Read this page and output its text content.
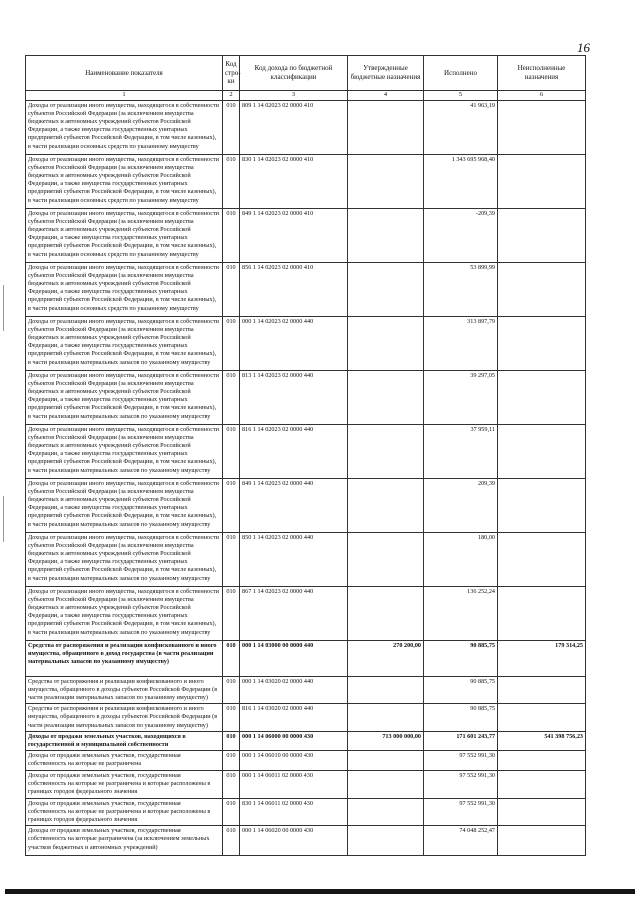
16
Наименование показателя	Код стро-ки	Код дохода по бюджетной классификации	Утвержденные бюджетные назначения	Исполнено	Неисполненные назначения
1	2	3	4	5	6
Доходы от реализации иного имущества, находящегося в собственности субъектов Российской Федерации (за исключением имущества бюджетных и автономных учреждений субъектов Российской Федерации, а также имущества государственных унитарных предприятий субъектов Российской Федерации, в том числе казенных), в части реализации основных средств по указанному имуществу	010	809 1 14 02023 02 0000 410		41 963,19	
Доходы от реализации иного имущества, находящегося в собственности субъектов Российской Федерации (за исключением имущества бюджетных и автономных учреждений субъектов Российской Федерации, а также имущества государственных унитарных предприятий субъектов Российской Федерации, в том числе казенных), в части реализации основных средств по указанному имуществу	010	830 1 14 02023 02 0000 410		1 343 695 968,40	
Доходы от реализации иного имущества, находящегося в собственности субъектов Российской Федерации (за исключением имущества бюджетных и автономных учреждений субъектов Российской Федерации, а также имущества государственных унитарных предприятий субъектов Российской Федерации, в том числе казенных), в части реализации основных средств по указанному имуществу	010	849 1 14 02023 02 0000 410		-209,39	
Доходы от реализации иного имущества, находящегося в собственности субъектов Российской Федерации (за исключением имущества бюджетных и автономных учреждений субъектов Российской Федерации, а также имущества государственных унитарных предприятий субъектов Российской Федерации, в том числе казенных), в части реализации основных средств по указанному имуществу	010	856 1 14 02023 02 0000 410		53 899,99	
Доходы от реализации иного имущества, находящегося в собственности субъектов Российской Федерации (за исключением имущества бюджетных и автономных учреждений субъектов Российской Федерации, а также имущества государственных унитарных предприятий субъектов Российской Федерации, в том числе казенных), в части реализации материальных запасов по указанному имуществу	010	000 1 14 02023 02 0000 440		313 897,79	
Доходы от реализации иного имущества, находящегося в собственности субъектов Российской Федерации (за исключением имущества бюджетных и автономных учреждений субъектов Российской Федерации, а также имущества государственных унитарных предприятий субъектов Российской Федерации, в том числе казенных), в части реализации материальных запасов по указанному имуществу	010	813 1 14 02023 02 0000 440		39 297,05	
Доходы от реализации иного имущества, находящегося в собственности субъектов Российской Федерации (за исключением имущества бюджетных и автономных учреждений субъектов Российской Федерации, а также имущества государственных унитарных предприятий субъектов Российской Федерации, в том числе казенных), в части реализации материальных запасов по указанному имуществу	010	816 1 14 02023 02 0000 440		37 959,11	
Доходы от реализации иного имущества, находящегося в собственности субъектов Российской Федерации (за исключением имущества бюджетных и автономных учреждений субъектов Российской Федерации, а также имущества государственных унитарных предприятий субъектов Российской Федерации, в том числе казенных), в части реализации материальных запасов по указанному имуществу	010	849 1 14 02023 02 0000 440		209,39	
Доходы от реализации иного имущества, находящегося в собственности субъектов Российской Федерации (за исключением имущества бюджетных и автономных учреждений субъектов Российской Федерации, а также имущества государственных унитарных предприятий субъектов Российской Федерации, в том числе казенных), в части реализации материальных запасов по указанному имуществу	010	850 1 14 02023 02 0000 440		180,00	
Доходы от реализации иного имущества, находящегося в собственности субъектов Российской Федерации (за исключением имущества бюджетных и автономных учреждений субъектов Российской Федерации, а также имущества государственных унитарных предприятий субъектов Российской Федерации, в том числе казенных), в части реализации материальных запасов по указанному имуществу	010	867 1 14 02023 02 0000 440		136 252,24	
Средства от распоряжения и реализации конфискованного и иного имущества, обращенного в доход государства (в части реализации материальных запасов по указанному имуществу)	010	000 1 14 03000 00 0000 440	270 200,00	90 885,75	179 314,25
Средства от распоряжения и реализации конфискованного и иного имущества, обращенного в доходы субъектов Российской Федерации (в части реализации материальных запасов по указанному имуществу)	010	000 1 14 03020 02 0000 440		90 885,75	
Средства от распоряжения и реализации конфискованного и иного имущества, обращенного в доходы субъектов Российской Федерации (в части реализации материальных запасов по указанному имуществу)	010	816 1 14 03020 02 0000 440		90 885,75	
Доходы от продажи земельных участков, находящихся в государственной и муниципальной собственности	010	000 1 14 06000 00 0000 430	713 000 000,00	171 601 243,77	541 398 756,23
Доходы от продажи земельных участков, государственная собственность на которые не разграничена	010	000 1 14 06010 00 0000 430		97 552 991,30	
Доходы от продажи земельных участков, государственная собственность на которые не разграничена и которые расположены в границах городов федерального значения	010	000 1 14 06011 02 0000 430		97 552 991,30	
Доходы от продажи земельных участков, государственная собственность на которые не разграничена и которые расположены в границах городов федерального значения	010	830 1 14 06011 02 0000 430		97 552 991,30	
Доходы от продажи земельных участков, государственная собственность на которые разграничена (за исключением земельных участков бюджетных и автономных учреждений)	010	000 1 14 06020 00 0000 430		74 048 252,47	
